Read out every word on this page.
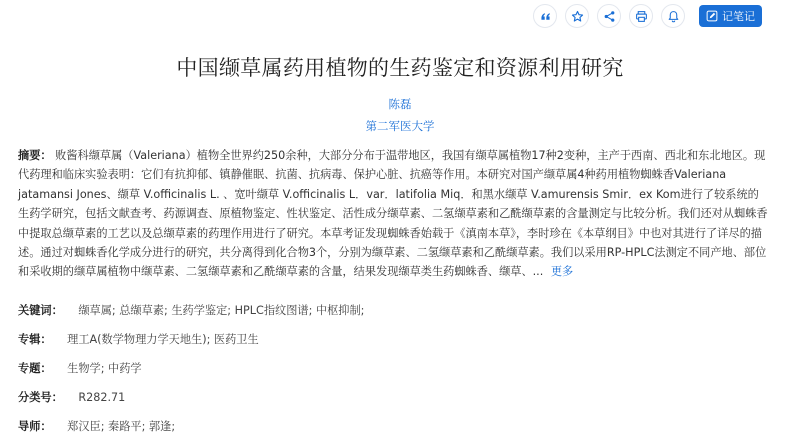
记笔记
中国缬草属药用植物的生药鉴定和资源利用研究
陈磊
第二军医大学
摘要： 败酱科缬草属（Valeriana）植物全世界约250余种，大部分分布于温带地区，我国有缬草属植物17种2变种，主产于西南、西北和东北地区。现代药理和临床实验表明：它们有抗抑郁、镇静催眠、抗菌、抗病毒、保护心脏、抗癌等作用。本研究对国产缬草属4种药用植物蜘蛛香Valeriana jatamansi Jones、缬草 V.officinalis L. 、宽叶缬草 V.officinalis L．var．latifolia Miq．和黑水缬草 V.amurensis Smir．ex Kom进行了较系统的生药学研究，包括文献查考、药源调查、原植物鉴定、性状鉴定、活性成分缬草素、二氢缬草素和乙酰缬草素的含量测定与比较分析。我们还对从蜘蛛香中提取总缬草素的工艺以及总缬草素的药理作用进行了研究。本草考证发现蜘蛛香始载于《滇南本草》，李时珍在《本草纲目》中也对其进行了详尽的描述。通过对蜘蛛香化学成分进行的研究，共分离得到化合物3个，分别为缬草素、二氢缬草素和乙酰缬草素。我们以采用RP-HPLC法测定不同产地、部位和采收期的缬草属植物中缬草素、二氢缬草素和乙酰缬草素的含量，结果发现缬草类生药蜘蛛香、缬草、... 更多
关键词： 缬草属; 总缬草素; 生药学鉴定; HPLC指纹图谱; 中枢抑制;
专辑： 理工A(数学物理力学天地生); 医药卫生
专题： 生物学; 中药学
分类号： R282.71
导师： 郑汉臣; 秦路平; 郭逢;
